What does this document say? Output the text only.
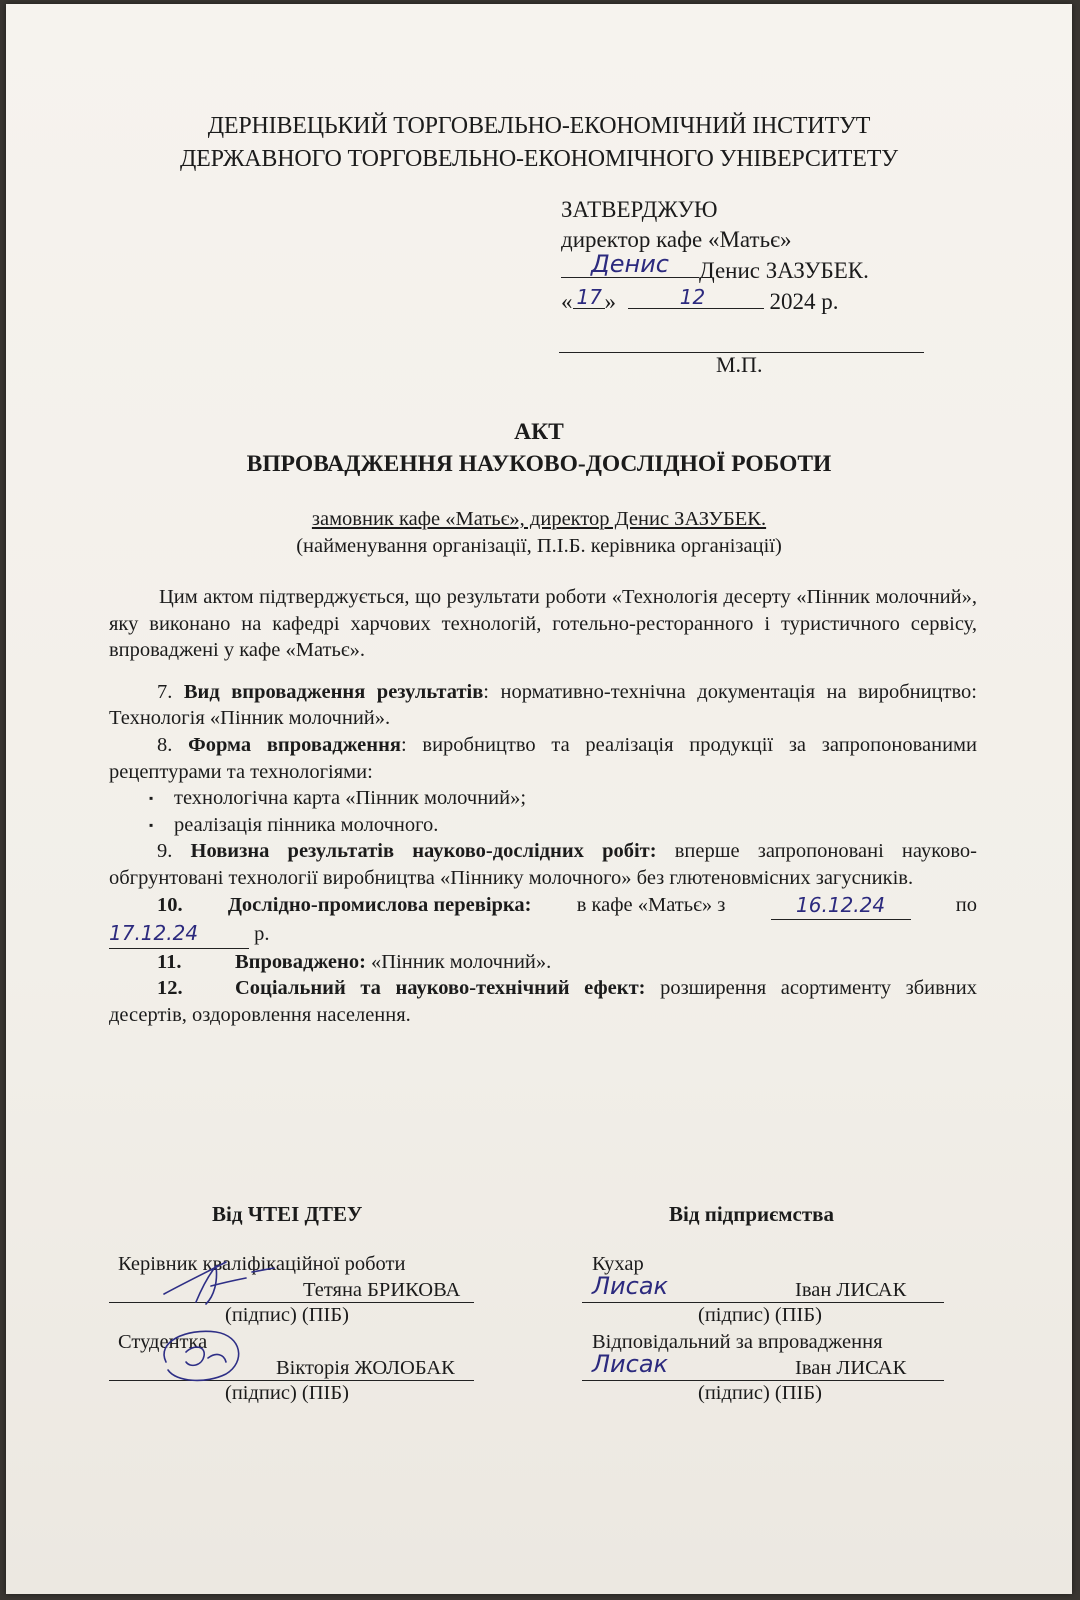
ДЕРНІВЕЦЬКИЙ ТОРГОВЕЛЬНО-ЕКОНОМІЧНИЙ ІНСТИТУТ
ДЕРЖАВНОГО ТОРГОВЕЛЬНО-ЕКОНОМІЧНОГО УНІВЕРСИТЕТУ
ЗАТВЕРДЖУЮ
директор кафе «Матьє»
Денис Денис ЗАЗУБЕК.
« 17 »	12	2024 р.
М.П.
АКТ
ВПРОВАДЖЕННЯ НАУКОВО-ДОСЛІДНОЇ РОБОТИ
замовник кафе «Матьє», директор Денис ЗАЗУБЕК.
(найменування організації, П.І.Б. керівника організації)

Цим актом підтверджується, що результати роботи «Технологія десерту «Пінник молочний», яку виконано на кафедрі харчових технологій, готельно-ресторанного і туристичного сервісу, впроваджені у кафе «Матьє».

7. Вид впровадження результатів: нормативно-технічна документація на виробництво: Технологія «Пінник молочний».

8. Форма впровадження: виробництво та реалізація продукції за запропонованими рецептурами та технологіями:

▪ технологічна карта «Пінник молочний»;
▪ реалізація пінника молочного.

9. Новизна результатів науково-дослідних робіт: вперше запропоновані науково-обгрунтовані технології виробництва «Піннику молочного» без глютеновмісних загусників.

10. Дослідно-промислова перевірка: в кафе «Матьє» з	16.12.24	по

17.12.24	р.

11.	Впроваджено: «Пінник молочний».

12.	Соціальний та науково-технічний ефект: розширення асортименту збивних десертів, оздоровлення населення.

Від ЧТЕІ ДТЕУ	Від підприємства
Керівник кваліфікаційної роботи
Тетяна БРИКОВА
(підпис) (ПІБ)
Студентка
Вікторія ЖОЛОБАК
(підпис) (ПІБ)
Кухар
Іван ЛИСАК
Лисак
(підпис) (ПІБ)
Відповідальний за впровадження
Іван ЛИСАК
Лисак
(підпис) (ПІБ)
